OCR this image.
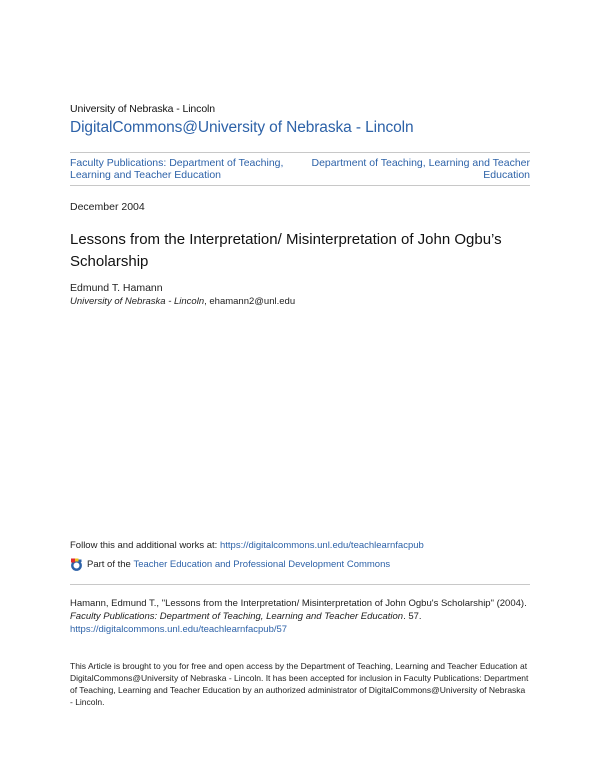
University of Nebraska - Lincoln
DigitalCommons@University of Nebraska - Lincoln
Faculty Publications: Department of Teaching, Learning and Teacher Education
Department of Teaching, Learning and Teacher Education
December 2004
Lessons from the Interpretation/ Misinterpretation of John Ogbu’s Scholarship
Edmund T. Hamann
University of Nebraska - Lincoln, ehamann2@unl.edu
Follow this and additional works at: https://digitalcommons.unl.edu/teachlearnfacpub
Part of the
Teacher Education and Professional Development Commons
Hamann, Edmund T., "Lessons from the Interpretation/ Misinterpretation of John Ogbu's Scholarship" (2004). Faculty Publications: Department of Teaching, Learning and Teacher Education. 57.
https://digitalcommons.unl.edu/teachlearnfacpub/57
This Article is brought to you for free and open access by the Department of Teaching, Learning and Teacher Education at DigitalCommons@University of Nebraska - Lincoln. It has been accepted for inclusion in Faculty Publications: Department of Teaching, Learning and Teacher Education by an authorized administrator of DigitalCommons@University of Nebraska - Lincoln.
